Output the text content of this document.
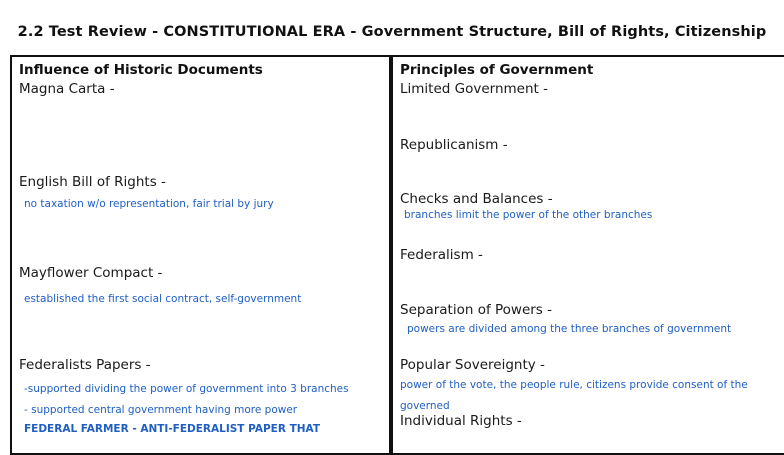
2.2 Test Review - CONSTITUTIONAL ERA - Government Structure, Bill of Rights, Citizenship
Influence of Historic Documents
Magna Carta -
English Bill of Rights -
no taxation w/o representation, fair trial by jury
Mayflower Compact -
established the first social contract, self-government
Federalists Papers -
-supported dividing the power of government into 3 branches
- supported central government having more power
FEDERAL FARMER - ANTI-FEDERALIST PAPER THAT
Principles of Government
Limited Government -
Republicanism -
Checks and Balances -
branches limit the power of the other branches
Federalism -
Separation of Powers -
powers are divided among the three branches of government
Popular Sovereignty -
power of the vote, the people rule, citizens provide consent of the
governed
Individual Rights -
